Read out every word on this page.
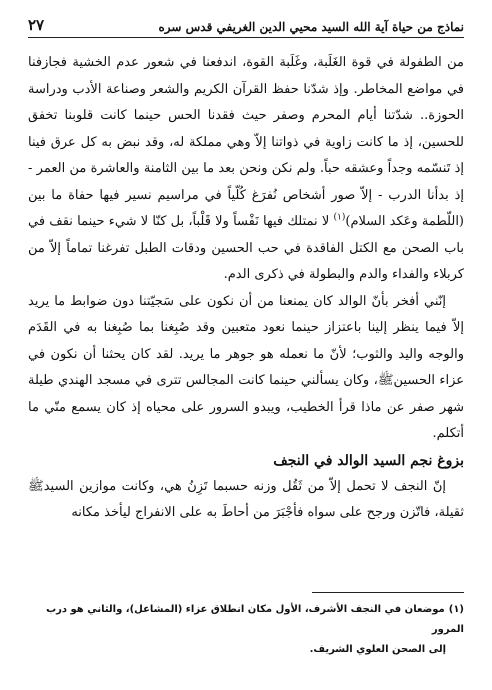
نماذج من حياة آية الله السيد محيي الدين الغريفي قدس سره
٢٧

من الطفولة في قوة الغَلَبة، وغَلَبة القوة، اندفعنا في شعور عدم الخشية فجازفنا في مواضع المخاطر. وإذ شدّنا حفظ القرآن الكريم والشعر وصناعة الأدب ودراسة الحوزة.. شدّتنا أيام المحرم وصفر حيث فقدنا الحس حينما كانت قلوبنا تخفق للحسين، إذ ما كانت زاوية في ذواتنا إلاّ وهي مملكة له، وقد نبض به كل عرق فينا إذ تَنسّمه وجداً وعشقه حباً. ولم نكن ونحن بعد ما بين الثامنة والعاشرة من العمر - إذ بدأنا الدرب - إلاّ صور أشخاص نُفرَغ كُلّياً في مراسيم نسير فيها حفاة ما بين (اللّطمة وعَكد السلام)$^{(١)}$ لا نمتلك فيها نَفْساً ولا قَلْباً، بل كنّا لا شيء حينما نقف في باب الصحن مع الكتل الفاقدة في حب الحسين ودقات الطبل تفرغنا تماماً إلاّ من كربلاء والفداء والدم والبطولة في ذكرى الدم.

إنّني أفخر بأنّ الوالد كان يمنعنا من أن نكون على سَجيّتنا دون ضوابط ما يريد إلاّ فيما ينظر إلينا باعتزاز حينما نعود متعبين وقد صُبِغنا بما صُبِغنا به في القَدَم والوجه واليد والثوب؛ لأنّ ما نعمله هو جوهر ما يريد. لقد كان يحثنا أن نكون في عزاء الحسينﷺ، وكان يسألني حينما كانت المجالس تترى في مسجد الهندي طيلة شهر صفر عن ماذا قرأ الخطيب، ويبدو السرور على محياه إذ كان يسمع منّي ما أتكلم.

بزوغ نجم السيد الوالد في النجف

إنّ النجف لا تحمل إلاّ من ثَقُل وزنه حسبما تَزِنُ هي، وكانت موازين السيدﷺ ثقيلة، فاتّزن ورجح على سواه فأجْبَرَ من أحاطَ به على الانفراج ليأخذ مكانه

(١)موضعان في النجف الأشرف، الأول مكان انطلاق عزاء (المشاعل)، والثاني هو درب المرور
إلى الصحن العلوي الشريف.
